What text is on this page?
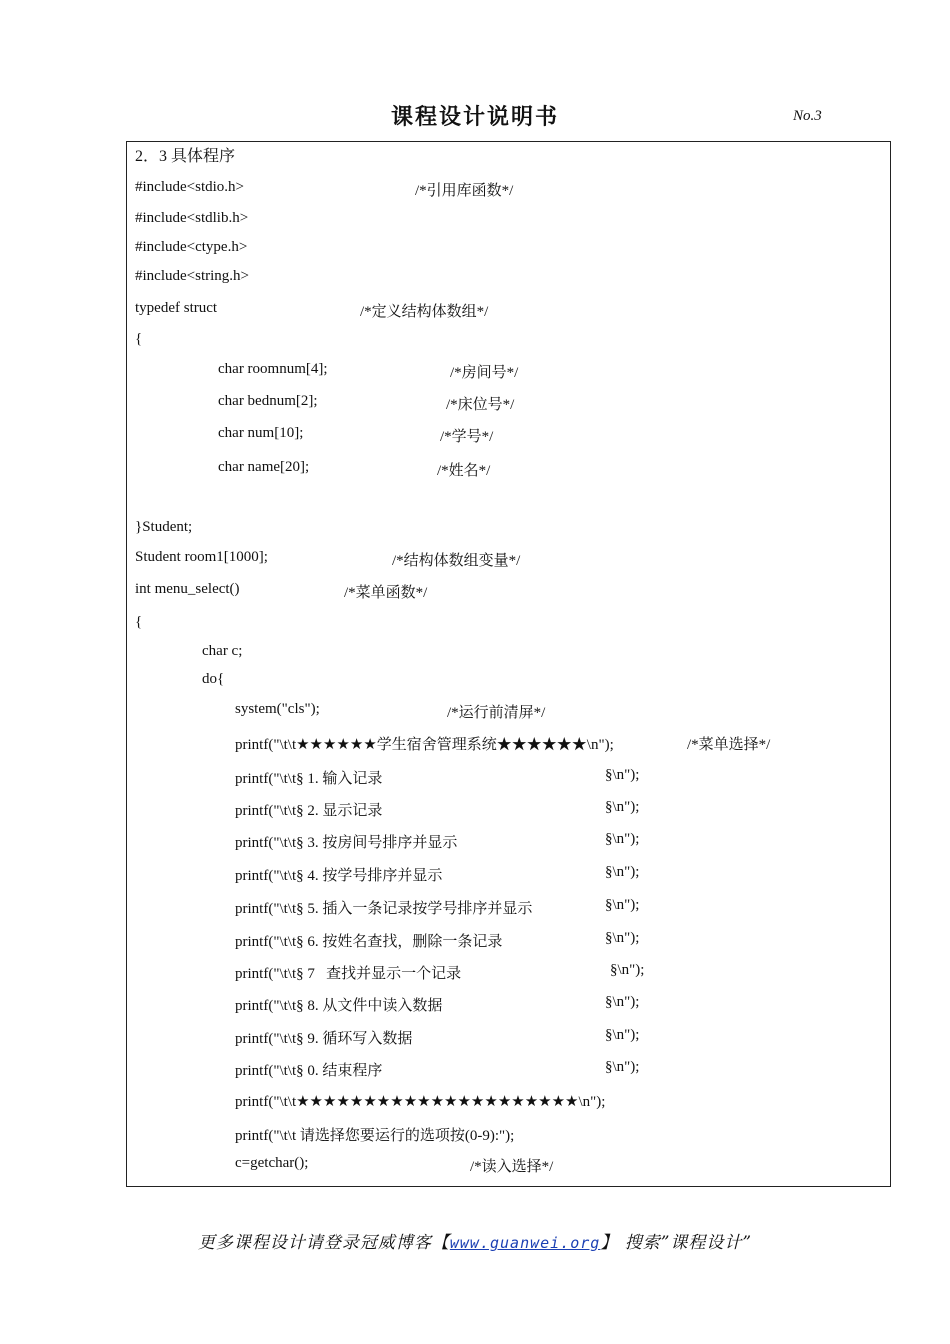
课程设计说明书	No.3
2．3 具体程序
#include<stdio.h>	/*引用库函数*/
#include<stdlib.h>
#include<ctype.h>
#include<string.h>
typedef struct	/*定义结构体数组*/
{
char roomnum[4];	/*房间号*/
char bednum[2];	/*床位号*/
char num[10];	/*学号*/
char name[20];	/*姓名*/
}Student;
Student room1[1000];	/*结构体数组变量*/
int menu_select()	/*菜单函数*/
{
char c;
do{
system("cls");	/*运行前清屏*/
printf("\t\t★★★★★★学生宿舍管理系统★★★★★★\n");	/*菜单选择*/
printf("\t\t§ 1. 输入记录	§\n");
printf("\t\t§ 2. 显示记录	§\n");
printf("\t\t§ 3. 按房间号排序并显示	§\n");
printf("\t\t§ 4. 按学号排序并显示	§\n");
printf("\t\t§ 5. 插入一条记录按学号排序并显示	§\n");
printf("\t\t§ 6. 按姓名查找，删除一条记录	§\n");
printf("\t\t§ 7   查找并显示一个记录	§\n");
printf("\t\t§ 8. 从文件中读入数据	§\n");
printf("\t\t§ 9. 循环写入数据	§\n");
printf("\t\t§ 0. 结束程序	§\n");
printf("\t\t★★★★★★★★★★★★★★★★★★★★★\n");
printf("\t\t 请选择您要运行的选项按(0-9):");
c=getchar();	/*读入选择*/
更多课程设计请登录冠威博客【www.guanwei.org】 搜索”课程设计”
